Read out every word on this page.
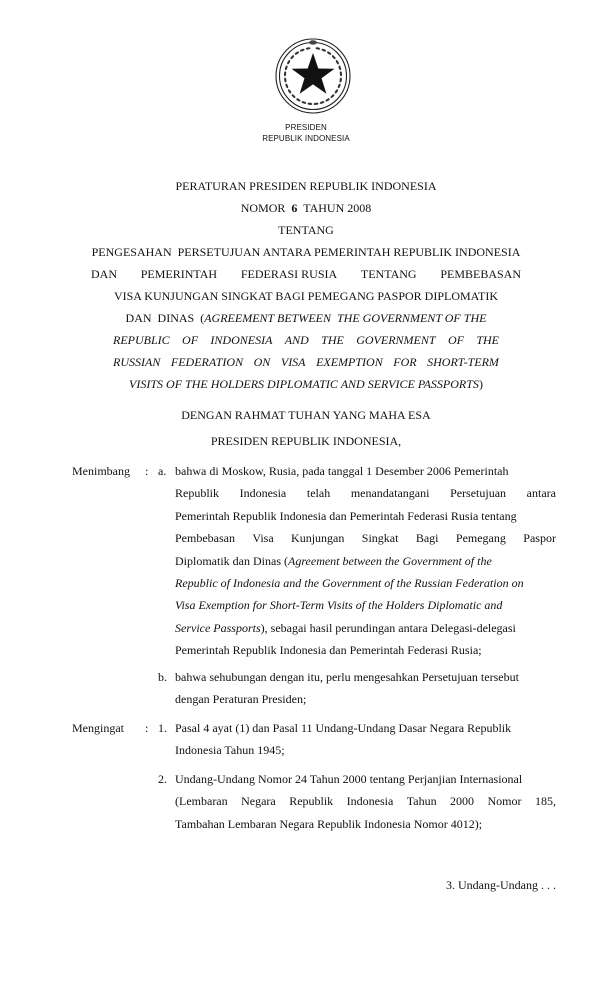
PRESIDEN
REPUBLIK INDONESIA
PERATURAN PRESIDEN REPUBLIK INDONESIA
NOMOR 6 TAHUN 2008
TENTANG
PENGESAHAN  PERSETUJUAN ANTARA PEMERINTAH REPUBLIK INDONESIA
DAN PEMERINTAH FEDERASI RUSIA TENTANG PEMBEBASAN
VISA KUNJUNGAN SINGKAT BAGI PEMEGANG PASPOR DIPLOMATIK
DAN  DINAS  (AGREEMENT BETWEEN  THE GOVERNMENT OF THE
REPUBLIC OF INDONESIA AND THE GOVERNMENT OF THE
RUSSIAN FEDERATION ON VISA EXEMPTION FOR SHORT-TERM
VISITS OF THE HOLDERS DIPLOMATIC AND SERVICE PASSPORTS)
DENGAN RAHMAT TUHAN YANG MAHA ESA
PRESIDEN REPUBLIK INDONESIA,
Menimbang : a. bahwa di Moskow, Rusia, pada tanggal 1 Desember 2006 Pemerintah
Republik Indonesia telah menandatangani Persetujuan antara
Pemerintah Republik Indonesia dan Pemerintah Federasi Rusia tentang
Pembebasan Visa Kunjungan Singkat Bagi Pemegang Paspor
Diplomatik dan Dinas (Agreement between the Government of the
Republic of Indonesia and the Government of the Russian Federation on
Visa Exemption for Short-Term Visits of the Holders Diplomatic and
Service Passports), sebagai hasil perundingan antara Delegasi-delegasi
Pemerintah Republik Indonesia dan Pemerintah Federasi Rusia;
b. bahwa sehubungan dengan itu, perlu mengesahkan Persetujuan tersebut
dengan Peraturan Presiden;
Mengingat : 1. Pasal 4 ayat (1) dan Pasal 11 Undang-Undang Dasar Negara Republik
Indonesia Tahun 1945;
2. Undang-Undang Nomor 24 Tahun 2000 tentang Perjanjian Internasional
(Lembaran Negara Republik Indonesia Tahun 2000 Nomor 185,
Tambahan Lembaran Negara Republik Indonesia Nomor 4012);
3. Undang-Undang . . .
